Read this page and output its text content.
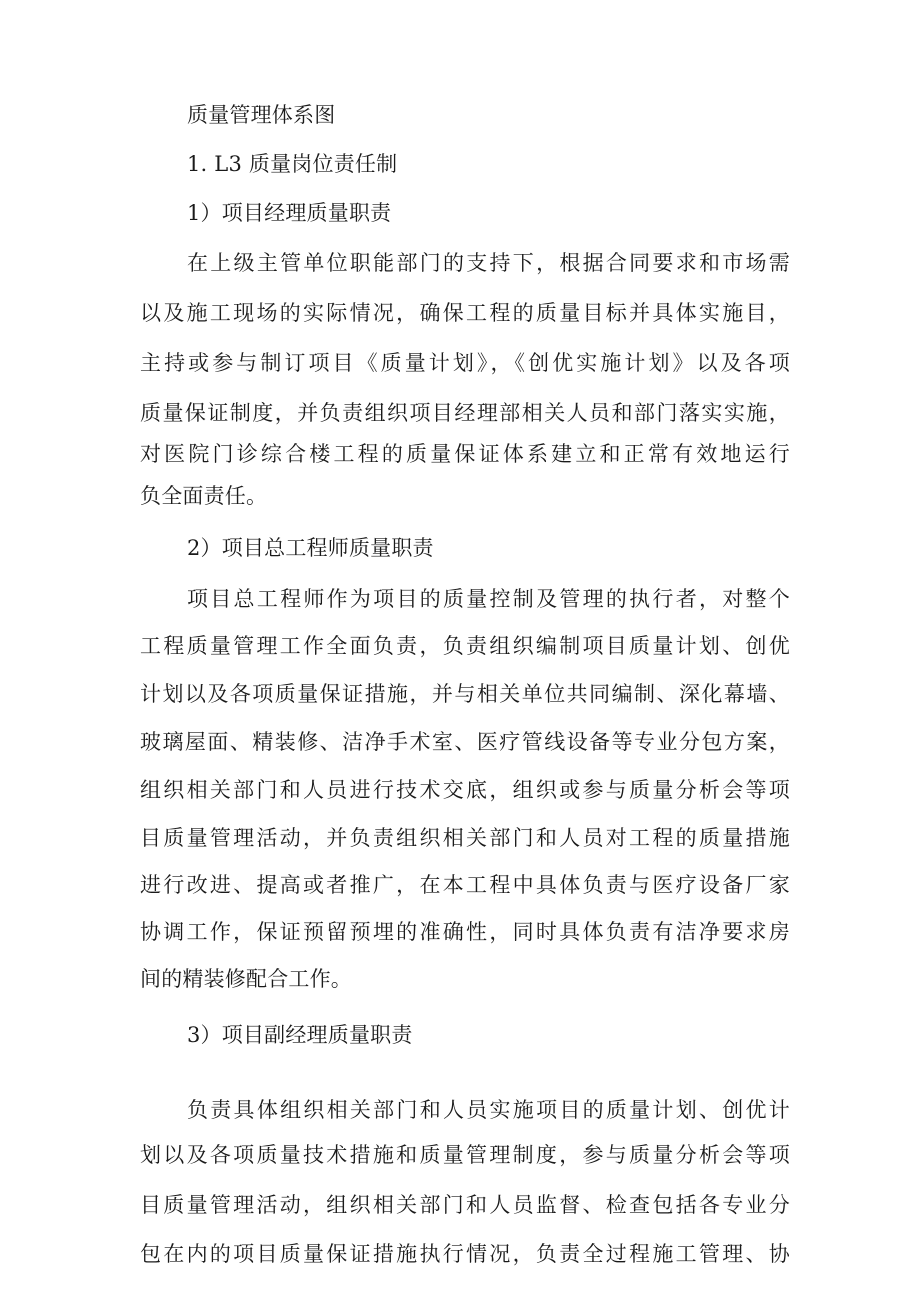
质量管理体系图
1. L3 质量岗位责任制
1）项目经理质量职责
在上级主管单位职能部门的支持下，根据合同要求和市场需
以及施工现场的实际情况，确保工程的质量目标并具体实施目，
主持或参与制订项目《质量计划》，《创优实施计划》以及各项
质量保证制度，并负责组织项目经理部相关人员和部门落实实施，
对医院门诊综合楼工程的质量保证体系建立和正常有效地运行
负全面责任。
2）项目总工程师质量职责
项目总工程师作为项目的质量控制及管理的执行者，对整个
工程质量管理工作全面负责，负责组织编制项目质量计划、创优
计划以及各项质量保证措施，并与相关单位共同编制、深化幕墙、
玻璃屋面、精装修、洁净手术室、医疗管线设备等专业分包方案，
组织相关部门和人员进行技术交底，组织或参与质量分析会等项
目质量管理活动，并负责组织相关部门和人员对工程的质量措施
进行改进、提高或者推广，在本工程中具体负责与医疗设备厂家
协调工作，保证预留预埋的准确性，同时具体负责有洁净要求房
间的精装修配合工作。
3）项目副经理质量职责
负责具体组织相关部门和人员实施项目的质量计划、创优计
划以及各项质量技术措施和质量管理制度，参与质量分析会等项
目质量管理活动，组织相关部门和人员监督、检查包括各专业分
包在内的项目质量保证措施执行情况，负责全过程施工管理、协
